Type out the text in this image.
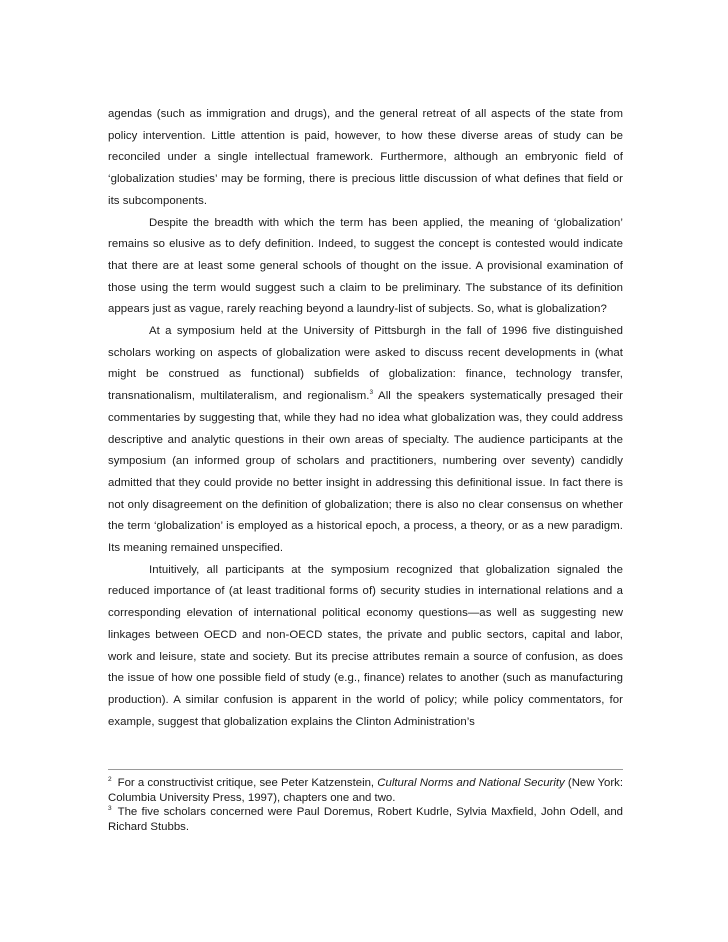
agendas (such as immigration and drugs), and the general retreat of all aspects of the state from policy intervention. Little attention is paid, however, to how these diverse areas of study can be reconciled under a single intellectual framework. Furthermore, although an embryonic field of ‘globalization studies’ may be forming, there is precious little discussion of what defines that field or its subcomponents.

Despite the breadth with which the term has been applied, the meaning of ‘globalization’ remains so elusive as to defy definition. Indeed, to suggest the concept is contested would indicate that there are at least some general schools of thought on the issue. A provisional examination of those using the term would suggest such a claim to be preliminary. The substance of its definition appears just as vague, rarely reaching beyond a laundry-list of subjects. So, what is globalization?

At a symposium held at the University of Pittsburgh in the fall of 1996 five distinguished scholars working on aspects of globalization were asked to discuss recent developments in (what might be construed as functional) subfields of globalization: finance, technology transfer, transnationalism, multilateralism, and regionalism.$^3$ All the speakers systematically presaged their commentaries by suggesting that, while they had no idea what globalization was, they could address descriptive and analytic questions in their own areas of specialty. The audience participants at the symposium (an informed group of scholars and practitioners, numbering over seventy) candidly admitted that they could provide no better insight in addressing this definitional issue. In fact there is not only disagreement on the definition of globalization; there is also no clear consensus on whether the term ‘globalization’ is employed as a historical epoch, a process, a theory, or as a new paradigm. Its meaning remained unspecified.

Intuitively, all participants at the symposium recognized that globalization signaled the reduced importance of (at least traditional forms of) security studies in international relations and a corresponding elevation of international political economy questions—as well as suggesting new linkages between OECD and non-OECD states, the private and public sectors, capital and labor, work and leisure, state and society. But its precise attributes remain a source of confusion, as does the issue of how one possible field of study (e.g., finance) relates to another (such as manufacturing production). A similar confusion is apparent in the world of policy; while policy commentators, for example, suggest that globalization explains the Clinton Administration’s

$^2$ For a constructivist critique, see Peter Katzenstein, Cultural Norms and National Security (New York: Columbia University Press, 1997), chapters one and two.

$^3$ The five scholars concerned were Paul Doremus, Robert Kudrle, Sylvia Maxfield, John Odell, and Richard Stubbs.
